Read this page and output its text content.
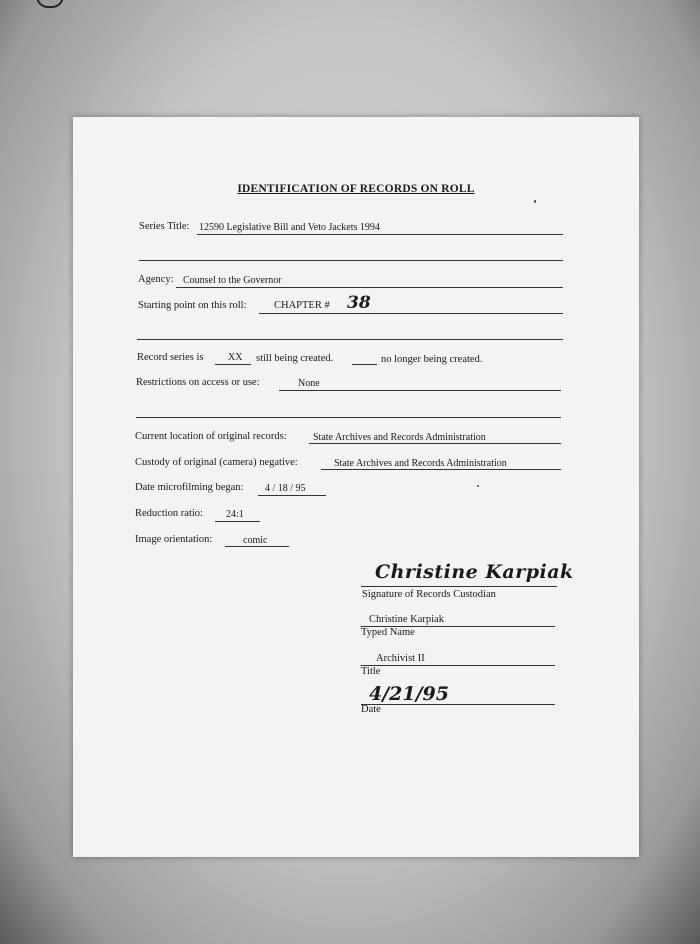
IDENTIFICATION OF RECORDS ON ROLL
Series Title: 12590 Legislative Bill and Veto Jackets 1994
Agency: Counsel to the Governor
Starting point on this roll:	CHAPTER # 38
Record series is XX still being created.	no longer being created.
Restrictions on access or use:	None
Current location of original records:	State Archives and Records Administration
Custody of original (camera) negative:	State Archives and Records Administration
Date microfilming began: 4 / 18 / 95
Reduction ratio: 24:1
Image orientation:	comic
Christine Karpiak
Signature of Records Custodian
Christine Karpiak
Typed Name
Archivist II
Title
4/21/95
Date
